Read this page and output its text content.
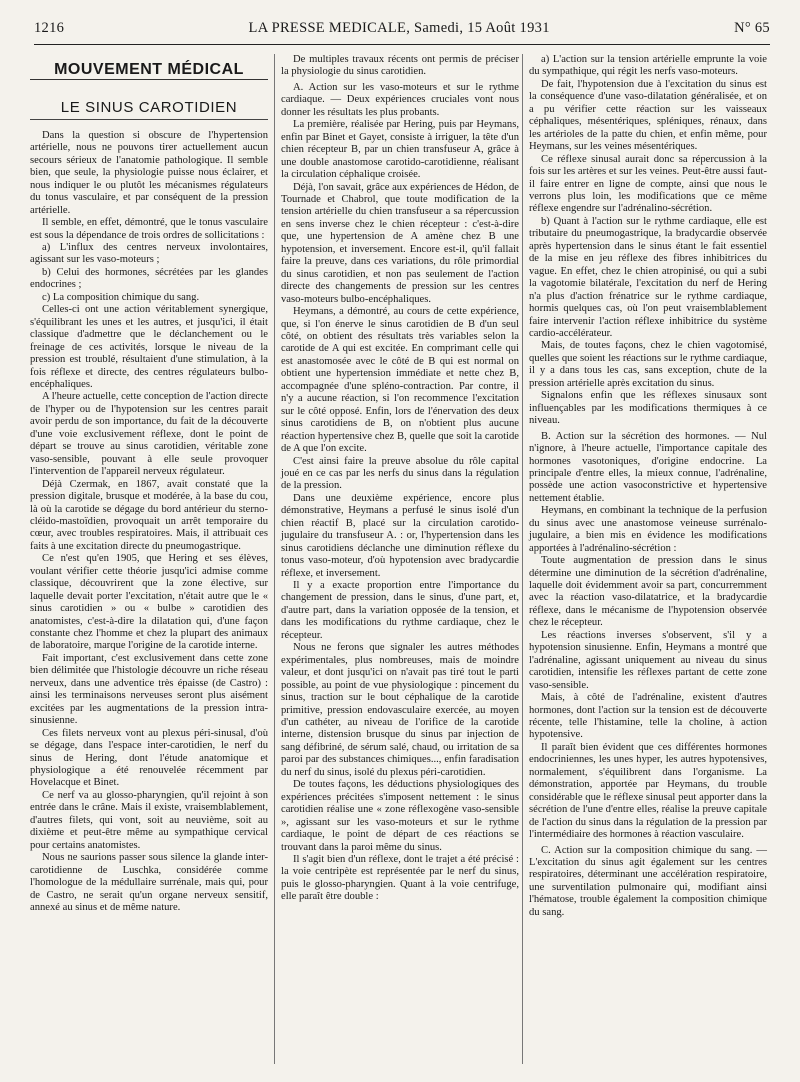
1216	LA PRESSE MEDICALE, Samedi, 15 Août 1931	N° 65
MOUVEMENT MÉDICAL
LE SINUS CAROTIDIEN

Dans la question si obscure de l'hypertension artérielle, nous ne pouvons tirer actuellement aucun secours sérieux de l'anatomie pathologique. Il semble bien, que seule, la physiologie puisse nous éclairer, et nous indiquer le ou plutôt les mécanismes régulateurs du tonus vasculaire, et par conséquent de la pression artérielle.

Il semble, en effet, démontré, que le tonus vasculaire est sous la dépendance de trois ordres de sollicitations :

a) L'influx des centres nerveux involontaires, agissant sur les vaso-moteurs ;

b) Celui des hormones, sécrétées par les glandes endocrines ;

c) La composition chimique du sang.

Celles-ci ont une action véritablement synergique, s'équilibrant les unes et les autres, et jusqu'ici, il était classique d'admettre que le déclanchement ou le freinage de ces activités, lorsque le niveau de la pression est troublé, résultaient d'une stimulation, à la fois réflexe et directe, des centres régulateurs bulbo-encéphaliques.

A l'heure actuelle, cette conception de l'action directe de l'hyper ou de l'hypotension sur les centres parait avoir perdu de son importance, du fait de la découverte d'une voie exclusivement réflexe, dont le point de départ se trouve au sinus carotidien, véritable zone vaso-sensible, pouvant à elle seule provoquer l'intervention de l'appareil nerveux régulateur.

Déjà Czermak, en 1867, avait constaté que la pression digitale, brusque et modérée, à la base du cou, là où la carotide se dégage du bord antérieur du sterno-cléido-mastoïdien, provoquait un arrêt temporaire du cœur, avec troubles respiratoires. Mais, il attribuait ces faits à une excitation directe du pneumogastrique.

Ce n'est qu'en 1905, que Hering et ses élèves, voulant vérifier cette théorie jusqu'ici admise comme classique, découvrirent que la zone élective, sur laquelle devait porter l'excitation, n'était autre que le « sinus carotidien » ou « bulbe » carotidien des anatomistes, c'est-à-dire la dilatation qui, d'une façon constante chez l'homme et chez la plupart des animaux de laboratoire, marque l'origine de la carotide interne.

Fait important, c'est exclusivement dans cette zone bien délimitée que l'histologie découvre un riche réseau nerveux, dans une adventice très épaisse (de Castro) : ainsi les terminaisons nerveuses seront plus aisément excitées par les augmentations de la pression intra-sinusienne.

Ces filets nerveux vont au plexus péri-sinusal, d'où se dégage, dans l'espace inter-carotidien, le nerf du sinus de Hering, dont l'étude anatomique et physiologique a été renouvelée récemment par Hovelacque et Binet.

Ce nerf va au glosso-pharyngien, qu'il rejoint à son entrée dans le crâne. Mais il existe, vraisemblablement, d'autres filets, qui vont, soit au neuvième, soit au dixième et peut-être même au sympathique cervical pour certains anatomistes.

Nous ne saurions passer sous silence la glande inter-carotidienne de Luschka, considérée comme l'homologue de la médullaire surrénale, mais qui, pour de Castro, ne serait qu'un organe nerveux sensitif, annexé au sinus et de même nature.

De multiples travaux récents ont permis de préciser la physiologie du sinus carotidien.

A. Action sur les vaso-moteurs et sur le rythme cardiaque. — Deux expériences cruciales vont nous donner les résultats les plus probants.

La première, réalisée par Hering, puis par Heymans, enfin par Binet et Gayet, consiste à irriguer, la tête d'un chien récepteur B, par un chien transfuseur A, grâce à une double anastomose carotido-carotidienne, réalisant la circulation céphalique croisée.

Déjà, l'on savait, grâce aux expériences de Hédon, de Tournade et Chabrol, que toute modification de la tension artérielle du chien transfuseur a sa répercussion en sens inverse chez le chien récepteur : c'est-à-dire que, une hypertension de A amène chez B une hypotension, et inversement. Encore est-il, qu'il fallait faire la preuve, dans ces variations, du rôle primordial du sinus carotidien, et non pas seulement de l'action directe des changements de pression sur les centres vaso-moteurs bulbo-encéphaliques.

Heymans, a démontré, au cours de cette expérience, que, si l'on énerve le sinus carotidien de B d'un seul côté, on obtient des résultats très variables selon la carotide de A qui est excitée. En comprimant celle qui est anastomosée avec le côté de B qui est normal on obtient une hypertension immédiate et nette chez B, accompagnée d'une spléno-contraction. Par contre, il n'y a aucune réaction, si l'on recommence l'excitation sur le côté opposé. Enfin, lors de l'énervation des deux sinus carotidiens de B, on n'obtient plus aucune réaction hypertensive chez B, quelle que soit la carotide de A que l'on excite.

C'est ainsi faire la preuve absolue du rôle capital joué en ce cas par les nerfs du sinus dans la régulation de la pression.

Dans une deuxième expérience, encore plus démonstrative, Heymans a perfusé le sinus isolé d'un chien réactif B, placé sur la circulation carotido-jugulaire du transfuseur A. : or, l'hypertension dans les sinus carotidiens déclanche une diminution réflexe du tonus vaso-moteur, d'où hypotension avec bradycardie réflexe, et inversement.

Il y a exacte proportion entre l'importance du changement de pression, dans le sinus, d'une part, et, d'autre part, dans la variation opposée de la tension, et dans les modifications du rythme cardiaque, chez le récepteur.

Nous ne ferons que signaler les autres méthodes expérimentales, plus nombreuses, mais de moindre valeur, et dont jusqu'ici on n'avait pas tiré tout le parti possible, au point de vue physiologique : pincement du sinus, traction sur le bout céphalique de la carotide primitive, pression endovasculaire exercée, au moyen d'un cathéter, au niveau de l'orifice de la carotide interne, distension brusque du sinus par injection de sang défibriné, de sérum salé, chaud, ou irritation de sa paroi par des substances chimiques..., enfin faradisation du nerf du sinus, isolé du plexus péri-carotidien.

De toutes façons, les déductions physiologiques des expériences précitées s'imposent nettement : le sinus carotidien réalise une « zone réflexogène vaso-sensible », agissant sur les vaso-moteurs et sur le rythme cardiaque, le point de départ de ces réactions se trouvant dans la paroi même du sinus.

Il s'agit bien d'un réflexe, dont le trajet a été précisé : la voie centripète est représentée par le nerf du sinus, puis le glosso-pharyngien. Quant à la voie centrifuge, elle paraît être double :

a) L'action sur la tension artérielle emprunte la voie du sympathique, qui régit les nerfs vaso-moteurs.

De fait, l'hypotension due à l'excitation du sinus est la conséquence d'une vaso-dilatation généralisée, et on a pu vérifier cette réaction sur les vaisseaux céphaliques, mésentériques, spléniques, rénaux, dans les artérioles de la patte du chien, et enfin même, pour Heymans, sur les veines mésentériques.

Ce réflexe sinusal aurait donc sa répercussion à la fois sur les artères et sur les veines. Peut-être aussi faut-il faire entrer en ligne de compte, ainsi que nous le verrons plus loin, les modifications que ce même réflexe engendre sur l'adrénalino-sécrétion.

b) Quant à l'action sur le rythme cardiaque, elle est tributaire du pneumogastrique, la bradycardie observée après hypertension dans le sinus étant le fait essentiel de la mise en jeu réflexe des fibres inhibitrices du vague. En effet, chez le chien atropinisé, ou qui a subi la vagotomie bilatérale, l'excitation du nerf de Hering n'a plus d'action frénatrice sur le rythme cardiaque, hormis quelques cas, où l'on peut vraisemblablement faire intervenir l'action réflexe inhibitrice du système cardio-accélérateur.

Mais, de toutes façons, chez le chien vagotomisé, quelles que soient les réactions sur le rythme cardiaque, il y a dans tous les cas, sans exception, chute de la pression artérielle après excitation du sinus.

Signalons enfin que les réflexes sinusaux sont influençables par les modifications thermiques à ce niveau.

B. Action sur la sécrétion des hormones. — Nul n'ignore, à l'heure actuelle, l'importance capitale des hormones vasotoniques, d'origine endocrine. La principale d'entre elles, la mieux connue, l'adrénaline, possède une action vasoconstrictive et hypertensive nettement établie.

Heymans, en combinant la technique de la perfusion du sinus avec une anastomose veineuse surrénalo-jugulaire, a bien mis en évidence les modifications apportées à l'adrénalino-sécrétion :

Toute augmentation de pression dans le sinus détermine une diminution de la sécrétion d'adrénaline, laquelle doit évidemment avoir sa part, concurremment avec la réaction vaso-dilatatrice, et la bradycardie réflexe, dans le mécanisme de l'hypotension observée chez le récepteur.

Les réactions inverses s'observent, s'il y a hypotension sinusienne. Enfin, Heymans a montré que l'adrénaline, agissant uniquement au niveau du sinus carotidien, intensifie les réflexes partant de cette zone vaso-sensible.

Mais, à côté de l'adrénaline, existent d'autres hormones, dont l'action sur la tension est de découverte récente, telle l'histamine, telle la choline, à action hypotensive.

Il paraît bien évident que ces différentes hormones endocriniennes, les unes hyper, les autres hypotensives, normalement, s'équilibrent dans l'organisme. La démonstration, apportée par Heymans, du trouble considérable que le réflexe sinusal peut apporter dans la sécrétion de l'une d'entre elles, réalise la preuve capitale de l'action du sinus dans la régulation de la pression par l'intermédiaire des hormones à réaction vasculaire.

C. Action sur la composition chimique du sang. — L'excitation du sinus agit également sur les centres respiratoires, déterminant une accélération respiratoire, une surventilation pulmonaire qui, modifiant ainsi l'hématose, trouble également la composition chimique du sang.
